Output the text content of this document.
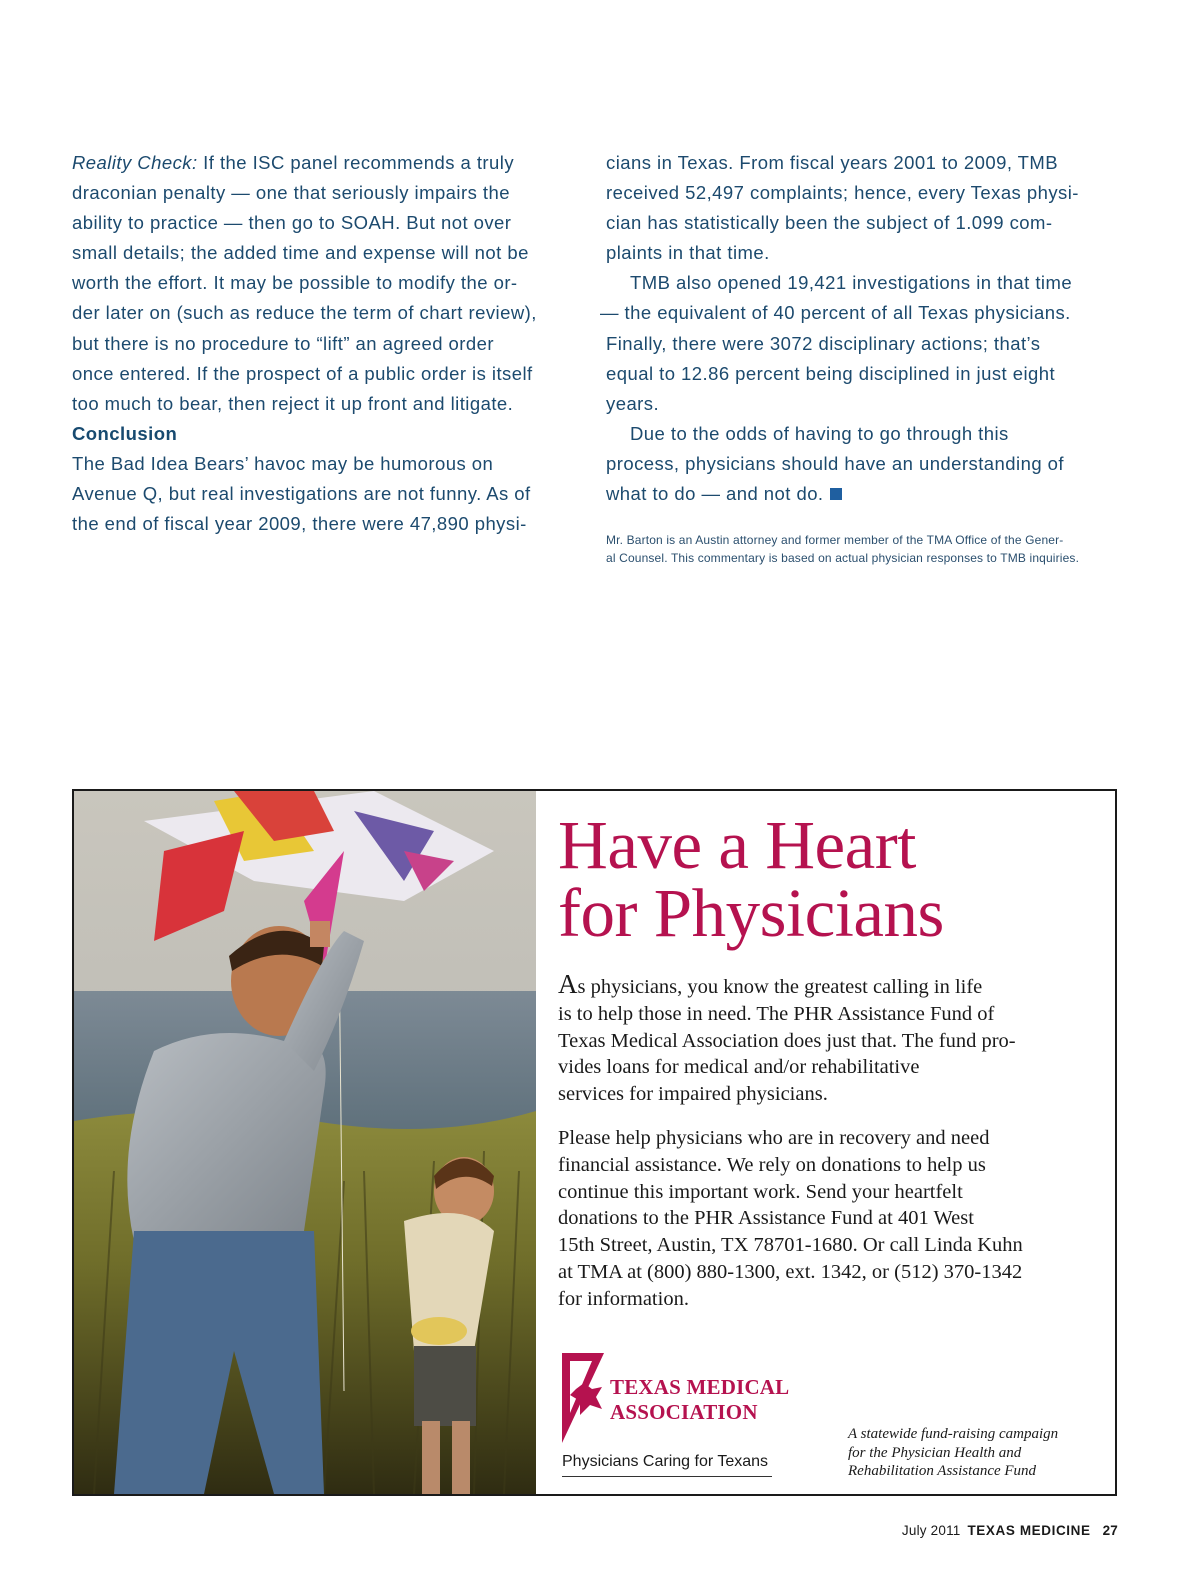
Reality Check: If the ISC panel recommends a truly
draconian penalty — one that seriously impairs the
ability to practice — then go to SOAH. But not over
small details; the added time and expense will not be
worth the effort. It may be possible to modify the or-
der later on (such as reduce the term of chart review),
but there is no procedure to “lift” an agreed order
once entered. If the prospect of a public order is itself
too much to bear, then reject it up front and litigate.

Conclusion

The Bad Idea Bears’ havoc may be humorous on
Avenue Q, but real investigations are not funny. As of
the end of fiscal year 2009, there were 47,890 physi-

cians in Texas. From fiscal years 2001 to 2009, TMB
received 52,497 complaints; hence, every Texas physi-
cian has statistically been the subject of 1.099 com-
plaints in that time.

TMB also opened 19,421 investigations in that time
— the equivalent of 40 percent of all Texas physicians.
Finally, there were 3072 disciplinary actions; that’s
equal to 12.86 percent being disciplined in just eight
years.

Due to the odds of having to go through this
process, physicians should have an understanding of
what to do — and not do.

Mr. Barton is an Austin attorney and former member of the TMA Office of the Gener-
al Counsel. This commentary is based on actual physician responses to TMB inquiries.
Have a Heart
for Physicians

As physicians, you know the greatest calling in life
is to help those in need. The PHR Assistance Fund of
Texas Medical Association does just that. The fund pro-
vides loans for medical and/or rehabilitative
services for impaired physicians.

Please help physicians who are in recovery and need
financial assistance. We rely on donations to help us
continue this important work. Send your heartfelt
donations to the PHR Assistance Fund at 401 West
15th Street, Austin, TX 78701-1680. Or call Linda Kuhn
at TMA at (800) 880-1300, ext. 1342, or (512) 370-1342
for information.

TEXAS MEDICAL
ASSOCIATION
Physicians Caring for Texans
A statewide fund-raising campaign
for the Physician Health and
Rehabilitation Assistance Fund
July 2011 TEXAS MEDICINE 27
